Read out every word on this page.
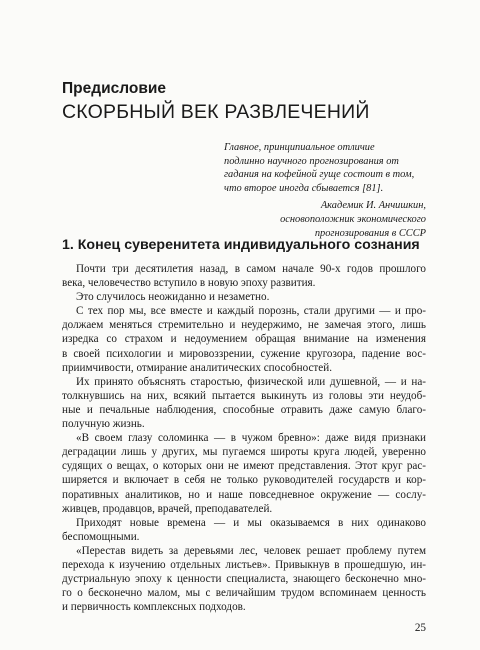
Предисловие
СКОРБНЫЙ ВЕК РАЗВЛЕЧЕНИЙ
Главное, принципиальное отличие
подлинно научного прогнозирования от
гадания на кофейной гуще состоит в том,
что второе иногда сбывается [81].
Академик И. Анчишкин,
основоположник экономического
прогнозирования в СССР
1. Конец суверенитета индивидуального сознания
Почти три десятилетия назад, в самом начале 90-х годов прошлого
века, человечество вступило в новую эпоху развития.
Это случилось неожиданно и незаметно.
С тех пор мы, все вместе и каждый порознь, стали другими — и про-
должаем меняться стремительно и неудержимо, не замечая этого, лишь
изредка со страхом и недоумением обращая внимание на изменения
в своей психологии и мировоззрении, сужение кругозора, падение вос-
приимчивости, отмирание аналитических способностей.
Их принято объяснять старостью, физической или душевной, — и на-
толкнувшись на них, всякий пытается выкинуть из головы эти неудоб-
ные и печальные наблюдения, способные отравить даже самую благо-
получную жизнь.
«В своем глазу соломинка — в чужом бревно»: даже видя признаки
деградации лишь у других, мы пугаемся широты круга людей, уверенно
судящих о вещах, о которых они не имеют представления. Этот круг рас-
ширяется и включает в себя не только руководителей государств и кор-
поративных аналитиков, но и наше повседневное окружение — сослу-
живцев, продавцов, врачей, преподавателей.
Приходят новые времена — и мы оказываемся в них одинаково
беспомощными.
«Перестав видеть за деревьями лес, человек решает проблему путем
перехода к изучению отдельных листьев». Привыкнув в прошедшую, ин-
дустриальную эпоху к ценности специалиста, знающего бесконечно мно-
го о бесконечно малом, мы с величайшим трудом вспоминаем ценность
и первичность комплексных подходов.
25
